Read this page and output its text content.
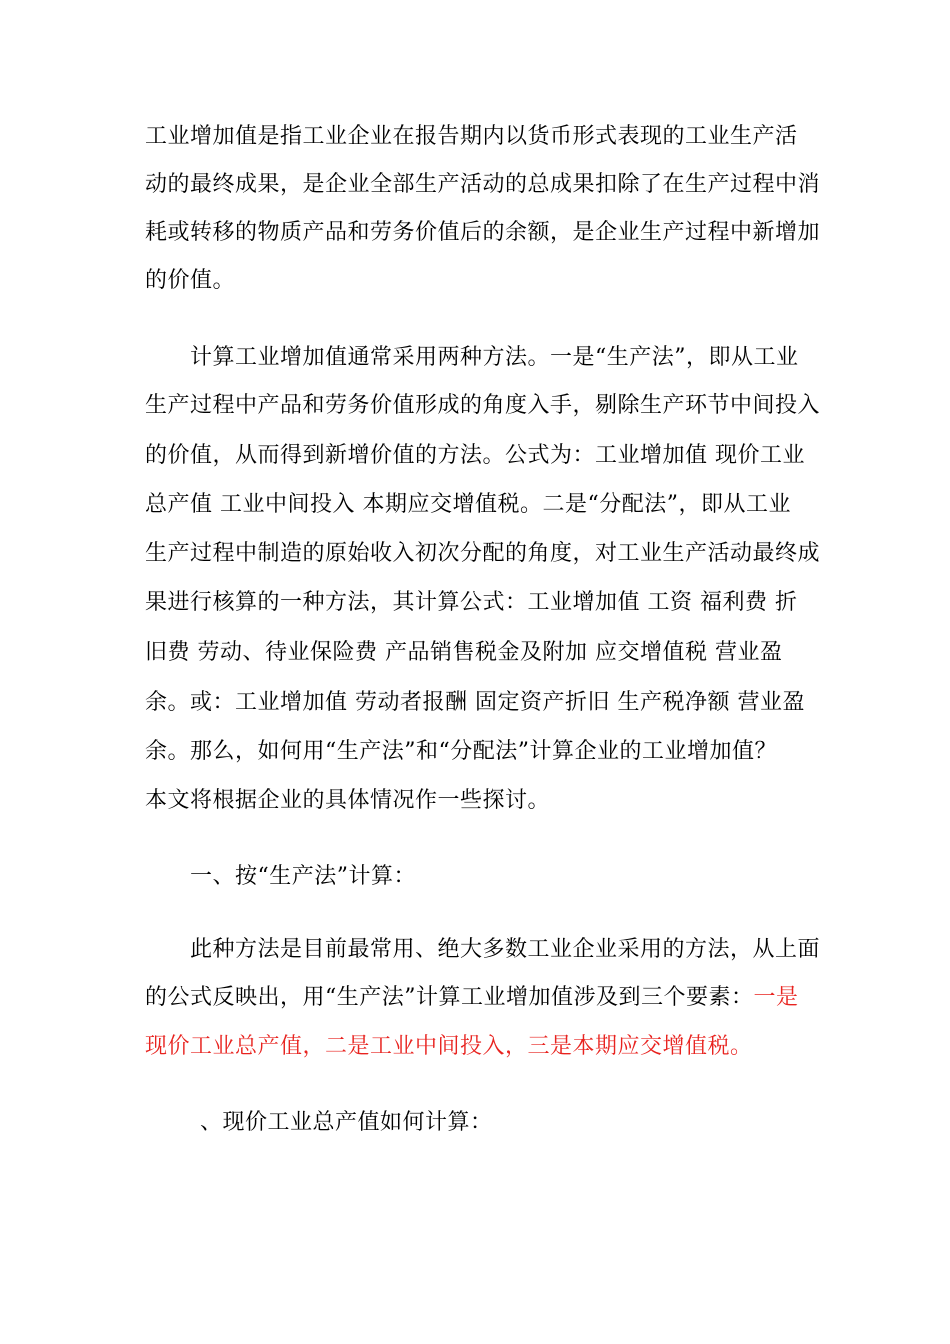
工业增加值是指工业企业在报告期内以货币形式表现的工业生产活
动的最终成果，是企业全部生产活动的总成果扣除了在生产过程中消
耗或转移的物质产品和劳务价值后的余额，是企业生产过程中新增加
的价值。
计算工业增加值通常采用两种方法。一是“生产法”，即从工业
生产过程中产品和劳务价值形成的角度入手，剔除生产环节中间投入
的价值，从而得到新增价值的方法。公式为：工业增加值 现价工业
总产值 工业中间投入 本期应交增值税。二是“分配法”，即从工业
生产过程中制造的原始收入初次分配的角度，对工业生产活动最终成
果进行核算的一种方法，其计算公式：工业增加值 工资 福利费 折
旧费 劳动、待业保险费 产品销售税金及附加 应交增值税 营业盈
余。或：工业增加值 劳动者报酬 固定资产折旧 生产税净额 营业盈
余。那么，如何用“生产法”和“分配法”计算企业的工业增加值？
本文将根据企业的具体情况作一些探讨。
一、按“生产法”计算：
此种方法是目前最常用、绝大多数工业企业采用的方法，从上面
的公式反映出，用“生产法”计算工业增加值涉及到三个要素：一是
现价工业总产值，二是工业中间投入，三是本期应交增值税。
、现价工业总产值如何计算：
